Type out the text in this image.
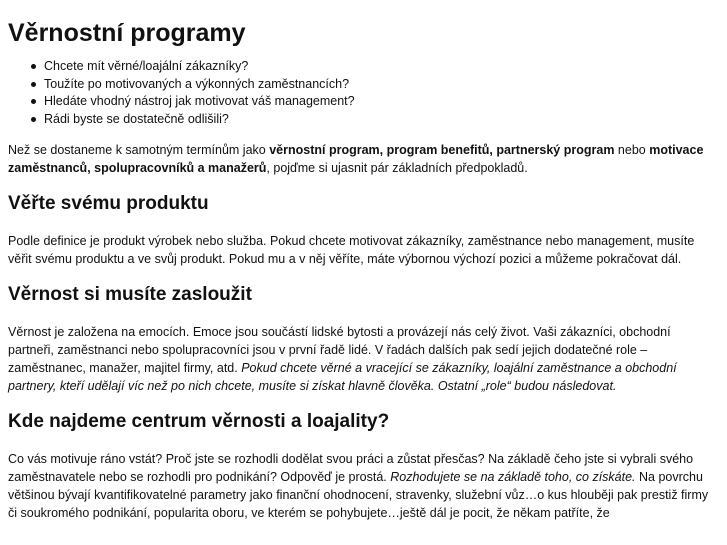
Věrnostní programy
Chcete mít věrné/loajální zákazníky?
Toužíte po motivovaných a výkonných zaměstnancích?
Hledáte vhodný nástroj jak motivovat váš management?
Rádi byste se dostatečně odlišili?

Než se dostaneme k samotným termínům jako věrnostní program, program benefitů, partnerský program nebo motivace zaměstnanců, spolupracovníků a manažerů, pojďme si ujasnit pár základních předpokladů.

Věřte svému produktu

Podle definice je produkt výrobek nebo služba. Pokud chcete motivovat zákazníky, zaměstnance nebo management, musíte věřit svému produktu a ve svůj produkt. Pokud mu a v něj věříte, máte výbornou výchozí pozici a můžeme pokračovat dál.

Věrnost si musíte zasloužit

Věrnost je založena na emocích. Emoce jsou součástí lidské bytosti a provázejí nás celý život. Vaši zákazníci, obchodní partneři, zaměstnanci nebo spolupracovníci jsou v první řadě lidé. V řadách dalších pak sedí jejich dodatečné role – zaměstnanec, manažer, majitel firmy, atd. Pokud chcete věrné a vracející se zákazníky, loajální zaměstnance a obchodní partnery, kteří udělají víc než po nich chcete, musíte si získat hlavně člověka. Ostatní „role“ budou následovat.

Kde najdeme centrum věrnosti a loajality?

Co vás motivuje ráno vstát? Proč jste se rozhodli dodělat svou práci a zůstat přesčas? Na základě čeho jste si vybrali svého zaměstnavatele nebo se rozhodli pro podnikání? Odpověď je prostá. Rozhodujete se na základě toho, co získáte. Na povrchu většinou bývají kvantifikovatelné parametry jako finanční ohodnocení, stravenky, služební vůz…o kus hlouběji pak prestiž firmy či soukromého podnikání, popularita oboru, ve kterém se pohybujete…ještě dál je pocit, že někam patříte, že
